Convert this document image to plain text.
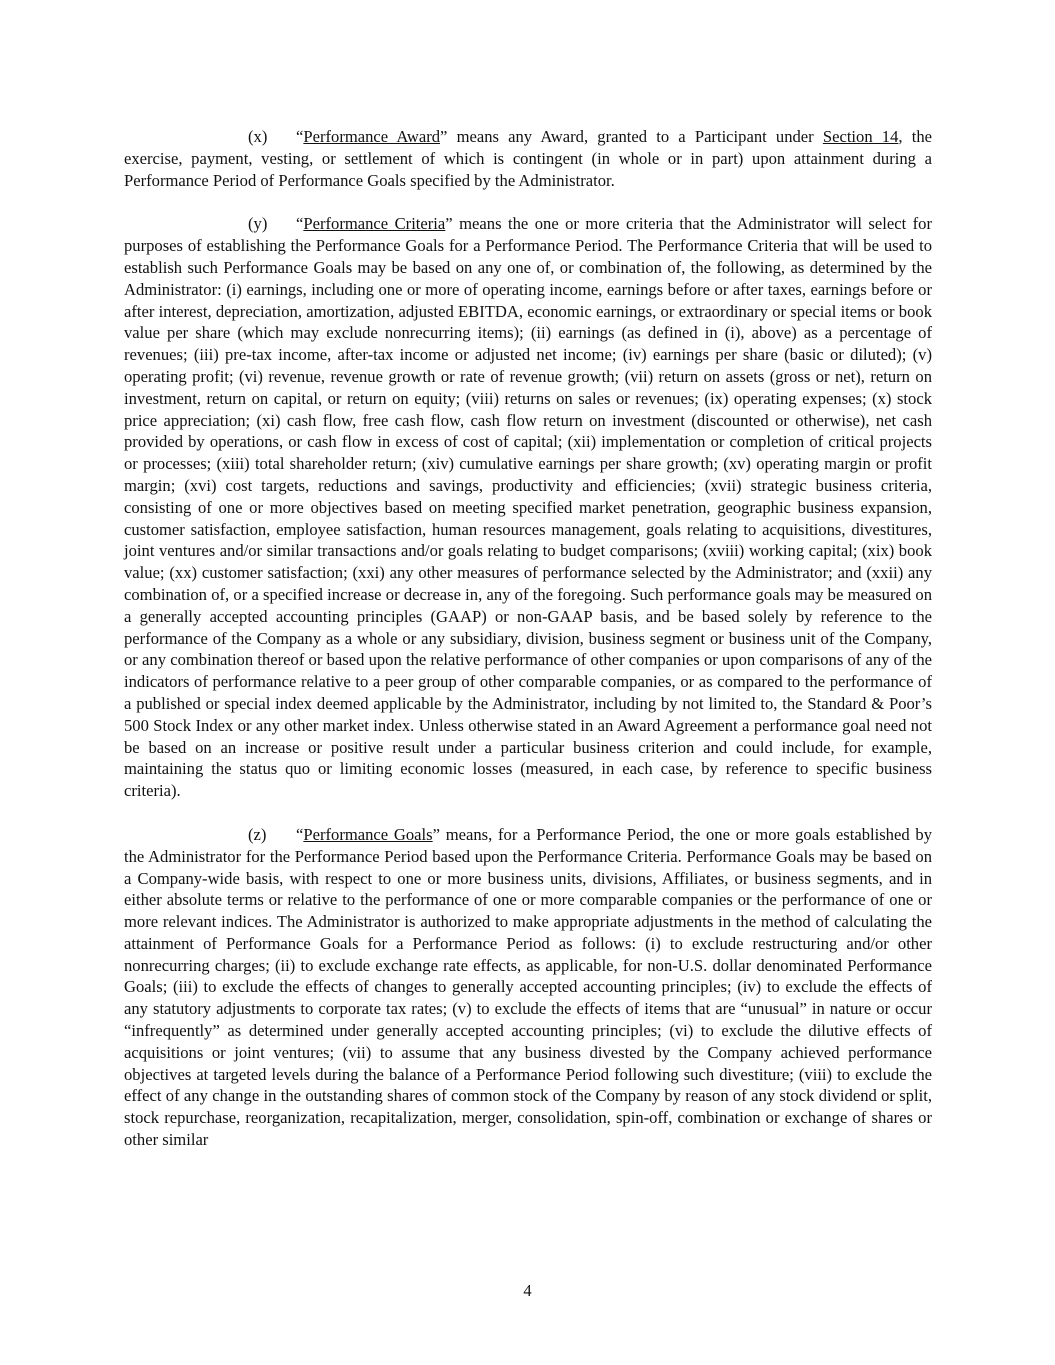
(x) “Performance Award” means any Award, granted to a Participant under Section 14, the exercise, payment, vesting, or settlement of which is contingent (in whole or in part) upon attainment during a Performance Period of Performance Goals specified by the Administrator.

(y) “Performance Criteria” means the one or more criteria that the Administrator will select for purposes of establishing the Performance Goals for a Performance Period. The Performance Criteria that will be used to establish such Performance Goals may be based on any one of, or combination of, the following, as determined by the Administrator: (i) earnings, including one or more of operating income, earnings before or after taxes, earnings before or after interest, depreciation, amortization, adjusted EBITDA, economic earnings, or extraordinary or special items or book value per share (which may exclude nonrecurring items); (ii) earnings (as defined in (i), above) as a percentage of revenues; (iii) pre-tax income, after-tax income or adjusted net income; (iv) earnings per share (basic or diluted); (v) operating profit; (vi) revenue, revenue growth or rate of revenue growth; (vii) return on assets (gross or net), return on investment, return on capital, or return on equity; (viii) returns on sales or revenues; (ix) operating expenses; (x) stock price appreciation; (xi) cash flow, free cash flow, cash flow return on investment (discounted or otherwise), net cash provided by operations, or cash flow in excess of cost of capital; (xii) implementation or completion of critical projects or processes; (xiii) total shareholder return; (xiv) cumulative earnings per share growth; (xv) operating margin or profit margin; (xvi) cost targets, reductions and savings, productivity and efficiencies; (xvii) strategic business criteria, consisting of one or more objectives based on meeting specified market penetration, geographic business expansion, customer satisfaction, employee satisfaction, human resources management, goals relating to acquisitions, divestitures, joint ventures and/or similar transactions and/or goals relating to budget comparisons; (xviii) working capital; (xix) book value; (xx) customer satisfaction; (xxi) any other measures of performance selected by the Administrator; and (xxii) any combination of, or a specified increase or decrease in, any of the foregoing. Such performance goals may be measured on a generally accepted accounting principles (GAAP) or non-GAAP basis, and be based solely by reference to the performance of the Company as a whole or any subsidiary, division, business segment or business unit of the Company, or any combination thereof or based upon the relative performance of other companies or upon comparisons of any of the indicators of performance relative to a peer group of other comparable companies, or as compared to the performance of a published or special index deemed applicable by the Administrator, including by not limited to, the Standard & Poor’s 500 Stock Index or any other market index. Unless otherwise stated in an Award Agreement a performance goal need not be based on an increase or positive result under a particular business criterion and could include, for example, maintaining the status quo or limiting economic losses (measured, in each case, by reference to specific business criteria).

(z) “Performance Goals” means, for a Performance Period, the one or more goals established by the Administrator for the Performance Period based upon the Performance Criteria. Performance Goals may be based on a Company-wide basis, with respect to one or more business units, divisions, Affiliates, or business segments, and in either absolute terms or relative to the performance of one or more comparable companies or the performance of one or more relevant indices. The Administrator is authorized to make appropriate adjustments in the method of calculating the attainment of Performance Goals for a Performance Period as follows: (i) to exclude restructuring and/or other nonrecurring charges; (ii) to exclude exchange rate effects, as applicable, for non-U.S. dollar denominated Performance Goals; (iii) to exclude the effects of changes to generally accepted accounting principles; (iv) to exclude the effects of any statutory adjustments to corporate tax rates; (v) to exclude the effects of items that are “unusual” in nature or occur “infrequently” as determined under generally accepted accounting principles; (vi) to exclude the dilutive effects of acquisitions or joint ventures; (vii) to assume that any business divested by the Company achieved performance objectives at targeted levels during the balance of a Performance Period following such divestiture; (viii) to exclude the effect of any change in the outstanding shares of common stock of the Company by reason of any stock dividend or split, stock repurchase, reorganization, recapitalization, merger, consolidation, spin-off, combination or exchange of shares or other similar

4
